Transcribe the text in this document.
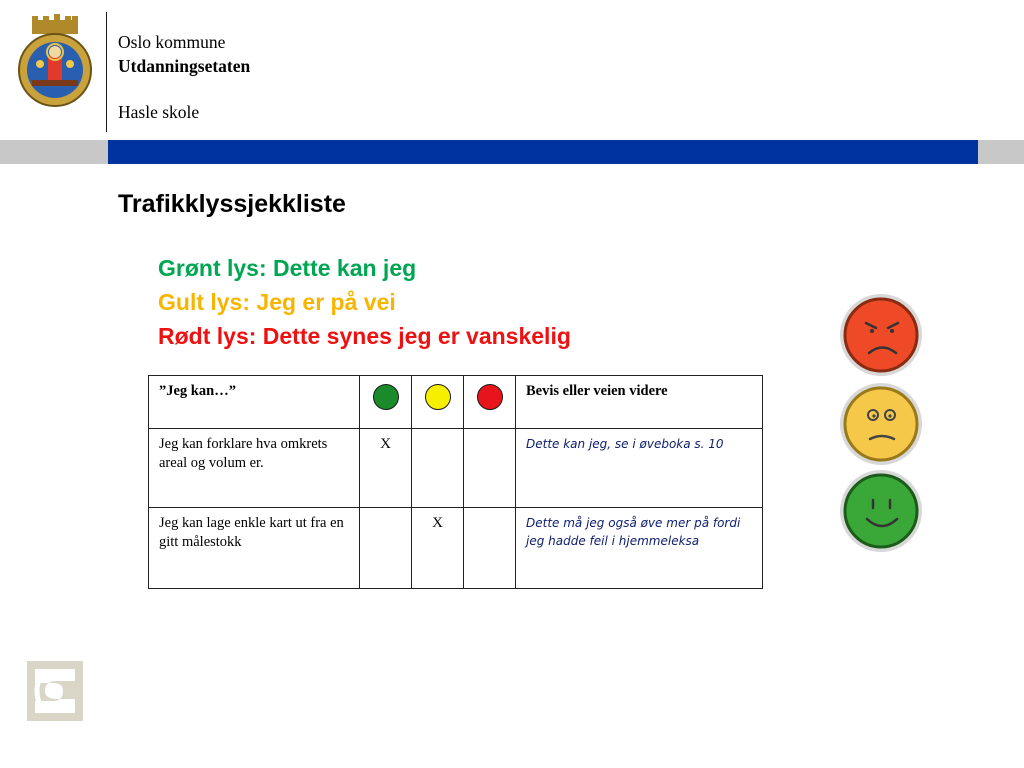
Oslo kommune
Utdanningsetaten
Hasle skole
Trafikklyssjekkliste
Grønt lys: Dette kan jeg
Gult lys: Jeg er på vei
Rødt lys: Dette synes jeg er vanskelig
”Jeg kan…”				Bevis eller veien videre
Jeg kan forklare hva omkrets areal og volum er.	X			Dette kan jeg, se i øveboka s. 10
Jeg kan lage enkle kart ut fra en gitt målestokk		X		Dette må jeg også øve mer på fordi jeg hadde feil i hjemmeleksa
